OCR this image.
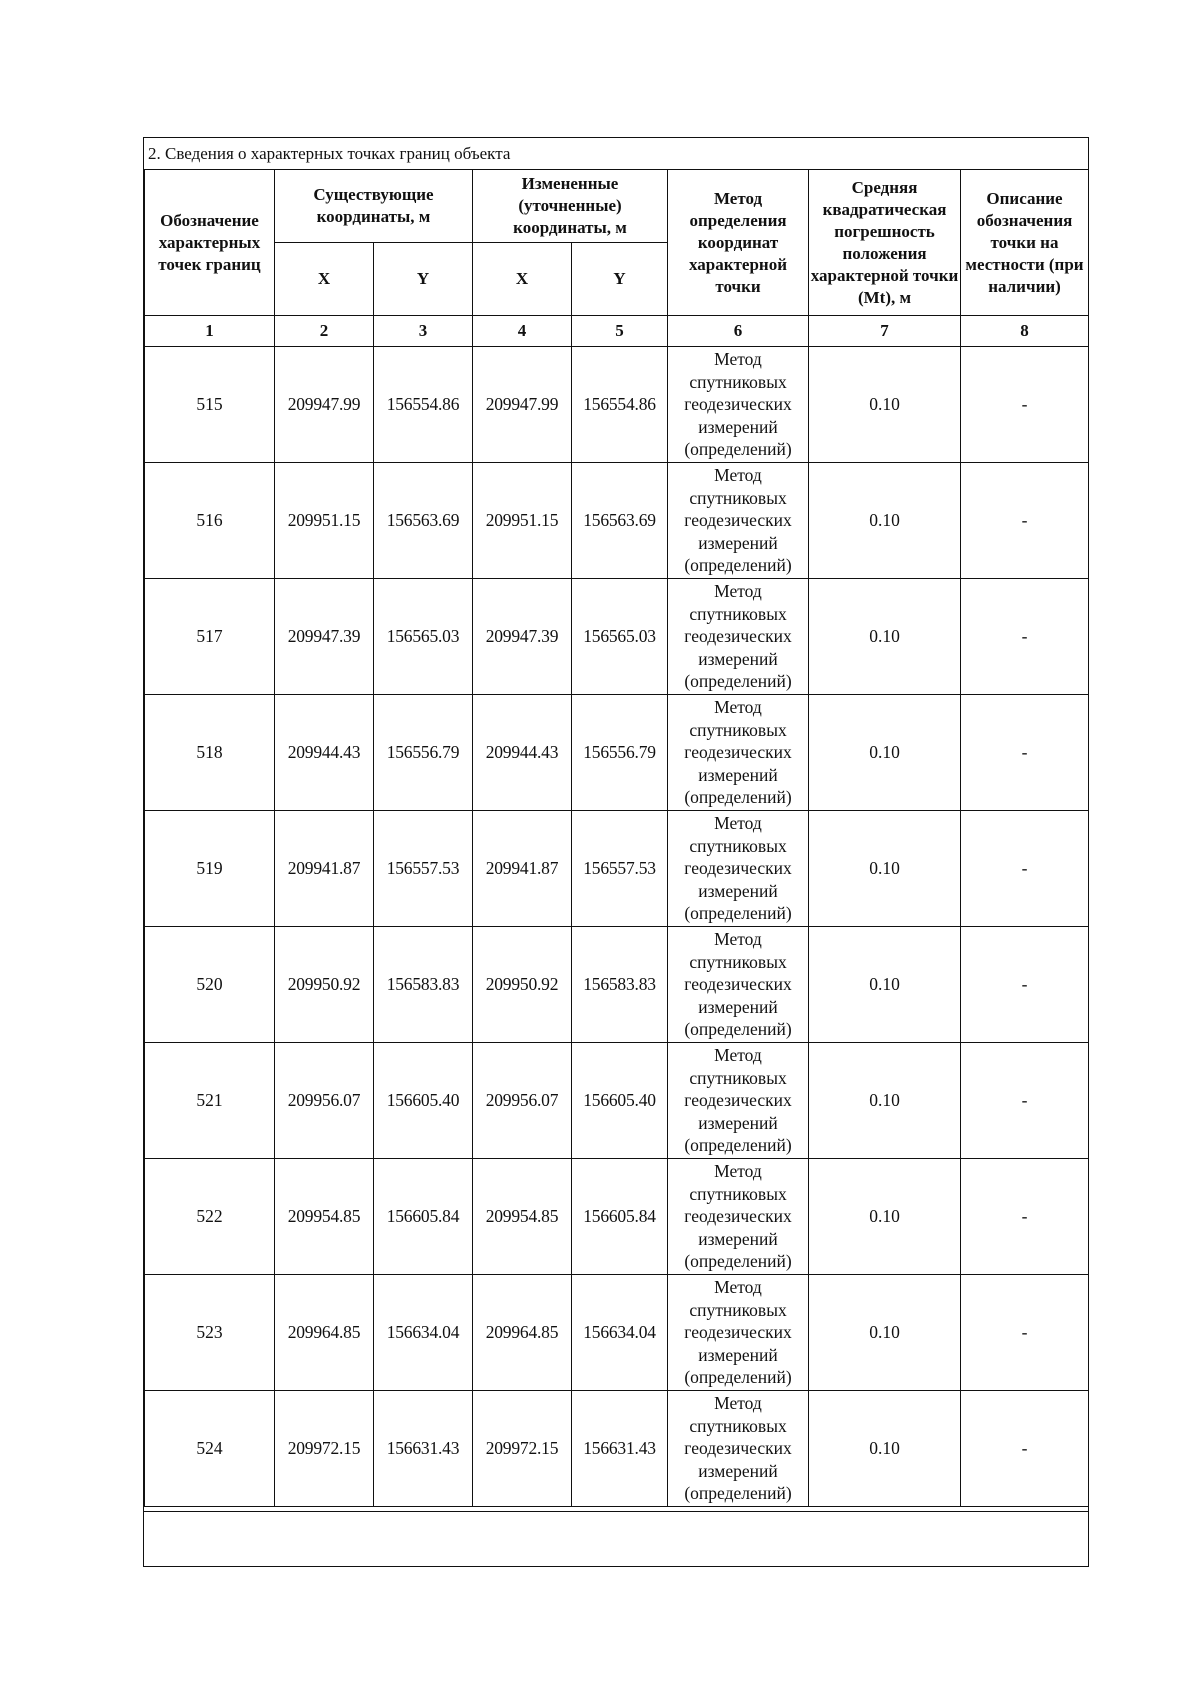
2. Сведения о характерных точках границ объекта
Обозначение характерных точек границ	Существующие координаты, м		Измененные (уточненные) координаты, м		Метод определения координат характерной точки	Средняя квадратическая погрешность положения характерной точки (Mt), м	Описание обозначения точки на местности (при наличии)
	X	Y	X	Y			
1	2	3	4	5	6	7	8
515	209947.99	156554.86	209947.99	156554.86	Метод спутниковых геодезических измерений (определений)	0.10	-
516	209951.15	156563.69	209951.15	156563.69	Метод спутниковых геодезических измерений (определений)	0.10	-
517	209947.39	156565.03	209947.39	156565.03	Метод спутниковых геодезических измерений (определений)	0.10	-
518	209944.43	156556.79	209944.43	156556.79	Метод спутниковых геодезических измерений (определений)	0.10	-
519	209941.87	156557.53	209941.87	156557.53	Метод спутниковых геодезических измерений (определений)	0.10	-
520	209950.92	156583.83	209950.92	156583.83	Метод спутниковых геодезических измерений (определений)	0.10	-
521	209956.07	156605.40	209956.07	156605.40	Метод спутниковых геодезических измерений (определений)	0.10	-
522	209954.85	156605.84	209954.85	156605.84	Метод спутниковых геодезических измерений (определений)	0.10	-
523	209964.85	156634.04	209964.85	156634.04	Метод спутниковых геодезических измерений (определений)	0.10	-
524	209972.15	156631.43	209972.15	156631.43	Метод спутниковых геодезических измерений (определений)	0.10	-
